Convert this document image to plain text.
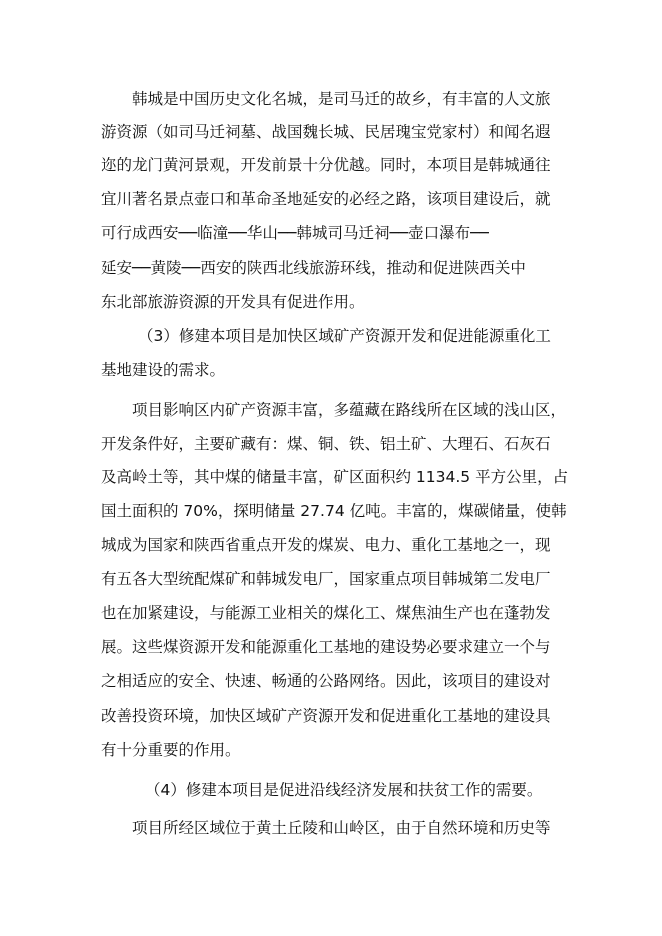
韩城是中国历史文化名城，是司马迁的故乡，有丰富的人文旅
游资源（如司马迁祠墓、战国魏长城、民居瑰宝党家村）和闻名遐
迩的龙门黄河景观，开发前景十分优越。同时，本项目是韩城通往
宜川著名景点壶口和革命圣地延安的必经之路，该项目建设后，就
可行成西安──临潼──华山──韩城司马迁祠──壶口瀑布──
延安──黄陵──西安的陕西北线旅游环线，推动和促进陕西关中
东北部旅游资源的开发具有促进作用。
（3）修建本项目是加快区域矿产资源开发和促进能源重化工
基地建设的需求。
项目影响区内矿产资源丰富，多蕴藏在路线所在区域的浅山区，
开发条件好，主要矿藏有：煤、铜、铁、铝土矿、大理石、石灰石
及高岭土等，其中煤的储量丰富，矿区面积约 1134.5 平方公里，占
国土面积的 70%，探明储量 27.74 亿吨。丰富的，煤碳储量，使韩
城成为国家和陕西省重点开发的煤炭、电力、重化工基地之一，现
有五各大型统配煤矿和韩城发电厂，国家重点项目韩城第二发电厂
也在加紧建设，与能源工业相关的煤化工、煤焦油生产也在蓬勃发
展。这些煤资源开发和能源重化工基地的建设势必要求建立一个与
之相适应的安全、快速、畅通的公路网络。因此，该项目的建设对
改善投资环境，加快区域矿产资源开发和促进重化工基地的建设具
有十分重要的作用。
（4）修建本项目是促进沿线经济发展和扶贫工作的需要。
项目所经区域位于黄土丘陵和山岭区，由于自然环境和历史等
